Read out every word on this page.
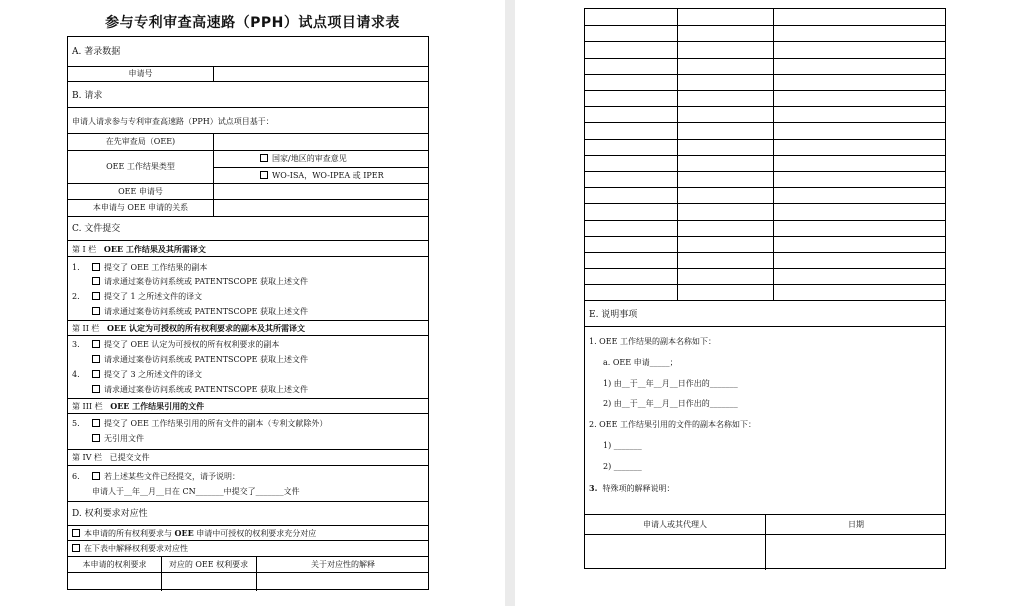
参与专利审查高速路（PPH）试点项目请求表
A. 著录数据
申请号
B. 请求
申请人请求参与专利审查高速路（PPH）试点项目基于：
在先审查局（OEE)
OEE 工作结果类型
国家/地区的审查意见
WO-ISA，WO-IPEA 或 IPER
OEE 申请号
本申请与 OEE 申请的关系
C. 文件提交
第 I 栏 OEE 工作结果及其所需译文
1.	提交了 OEE 工作结果的副本
请求通过案卷访问系统或 PATENTSCOPE 获取上述文件
2.	提交了 1 之所述文件的译文
请求通过案卷访问系统或 PATENTSCOPE 获取上述文件
第 II 栏 OEE 认定为可授权的所有权利要求的副本及其所需译文
3.	提交了 OEE 认定为可授权的所有权利要求的副本
请求通过案卷访问系统或 PATENTSCOPE 获取上述文件
4.	提交了 3 之所述文件的译文
请求通过案卷访问系统或 PATENTSCOPE 获取上述文件
第 III 栏 OEE 工作结果引用的文件
5.	提交了 OEE 工作结果引用的所有文件的副本（专利文献除外）
无引用文件
第 IV 栏 已提交文件
6.	若上述某些文件已经提交，请予说明：
申请人于__年__月__日在 CN_______中提交了_______文件
D. 权利要求对应性
本申请的所有权利要求与 OEE 申请中可授权的权利要求充分对应
在下表中解释权利要求对应性
本申请的权利要求	对应的 OEE 权利要求	关于对应性的解释
E. 说明事项
1. OEE 工作结果的副本名称如下：
a. OEE 申请_____；
1) 由__于__年__月__日作出的_______
2) 由__于__年__月__日作出的_______
2. OEE 工作结果引用的文件的副本名称如下：
1) _______
2) _______
3. 特殊项的解释说明：
申请人或其代理人	日期
